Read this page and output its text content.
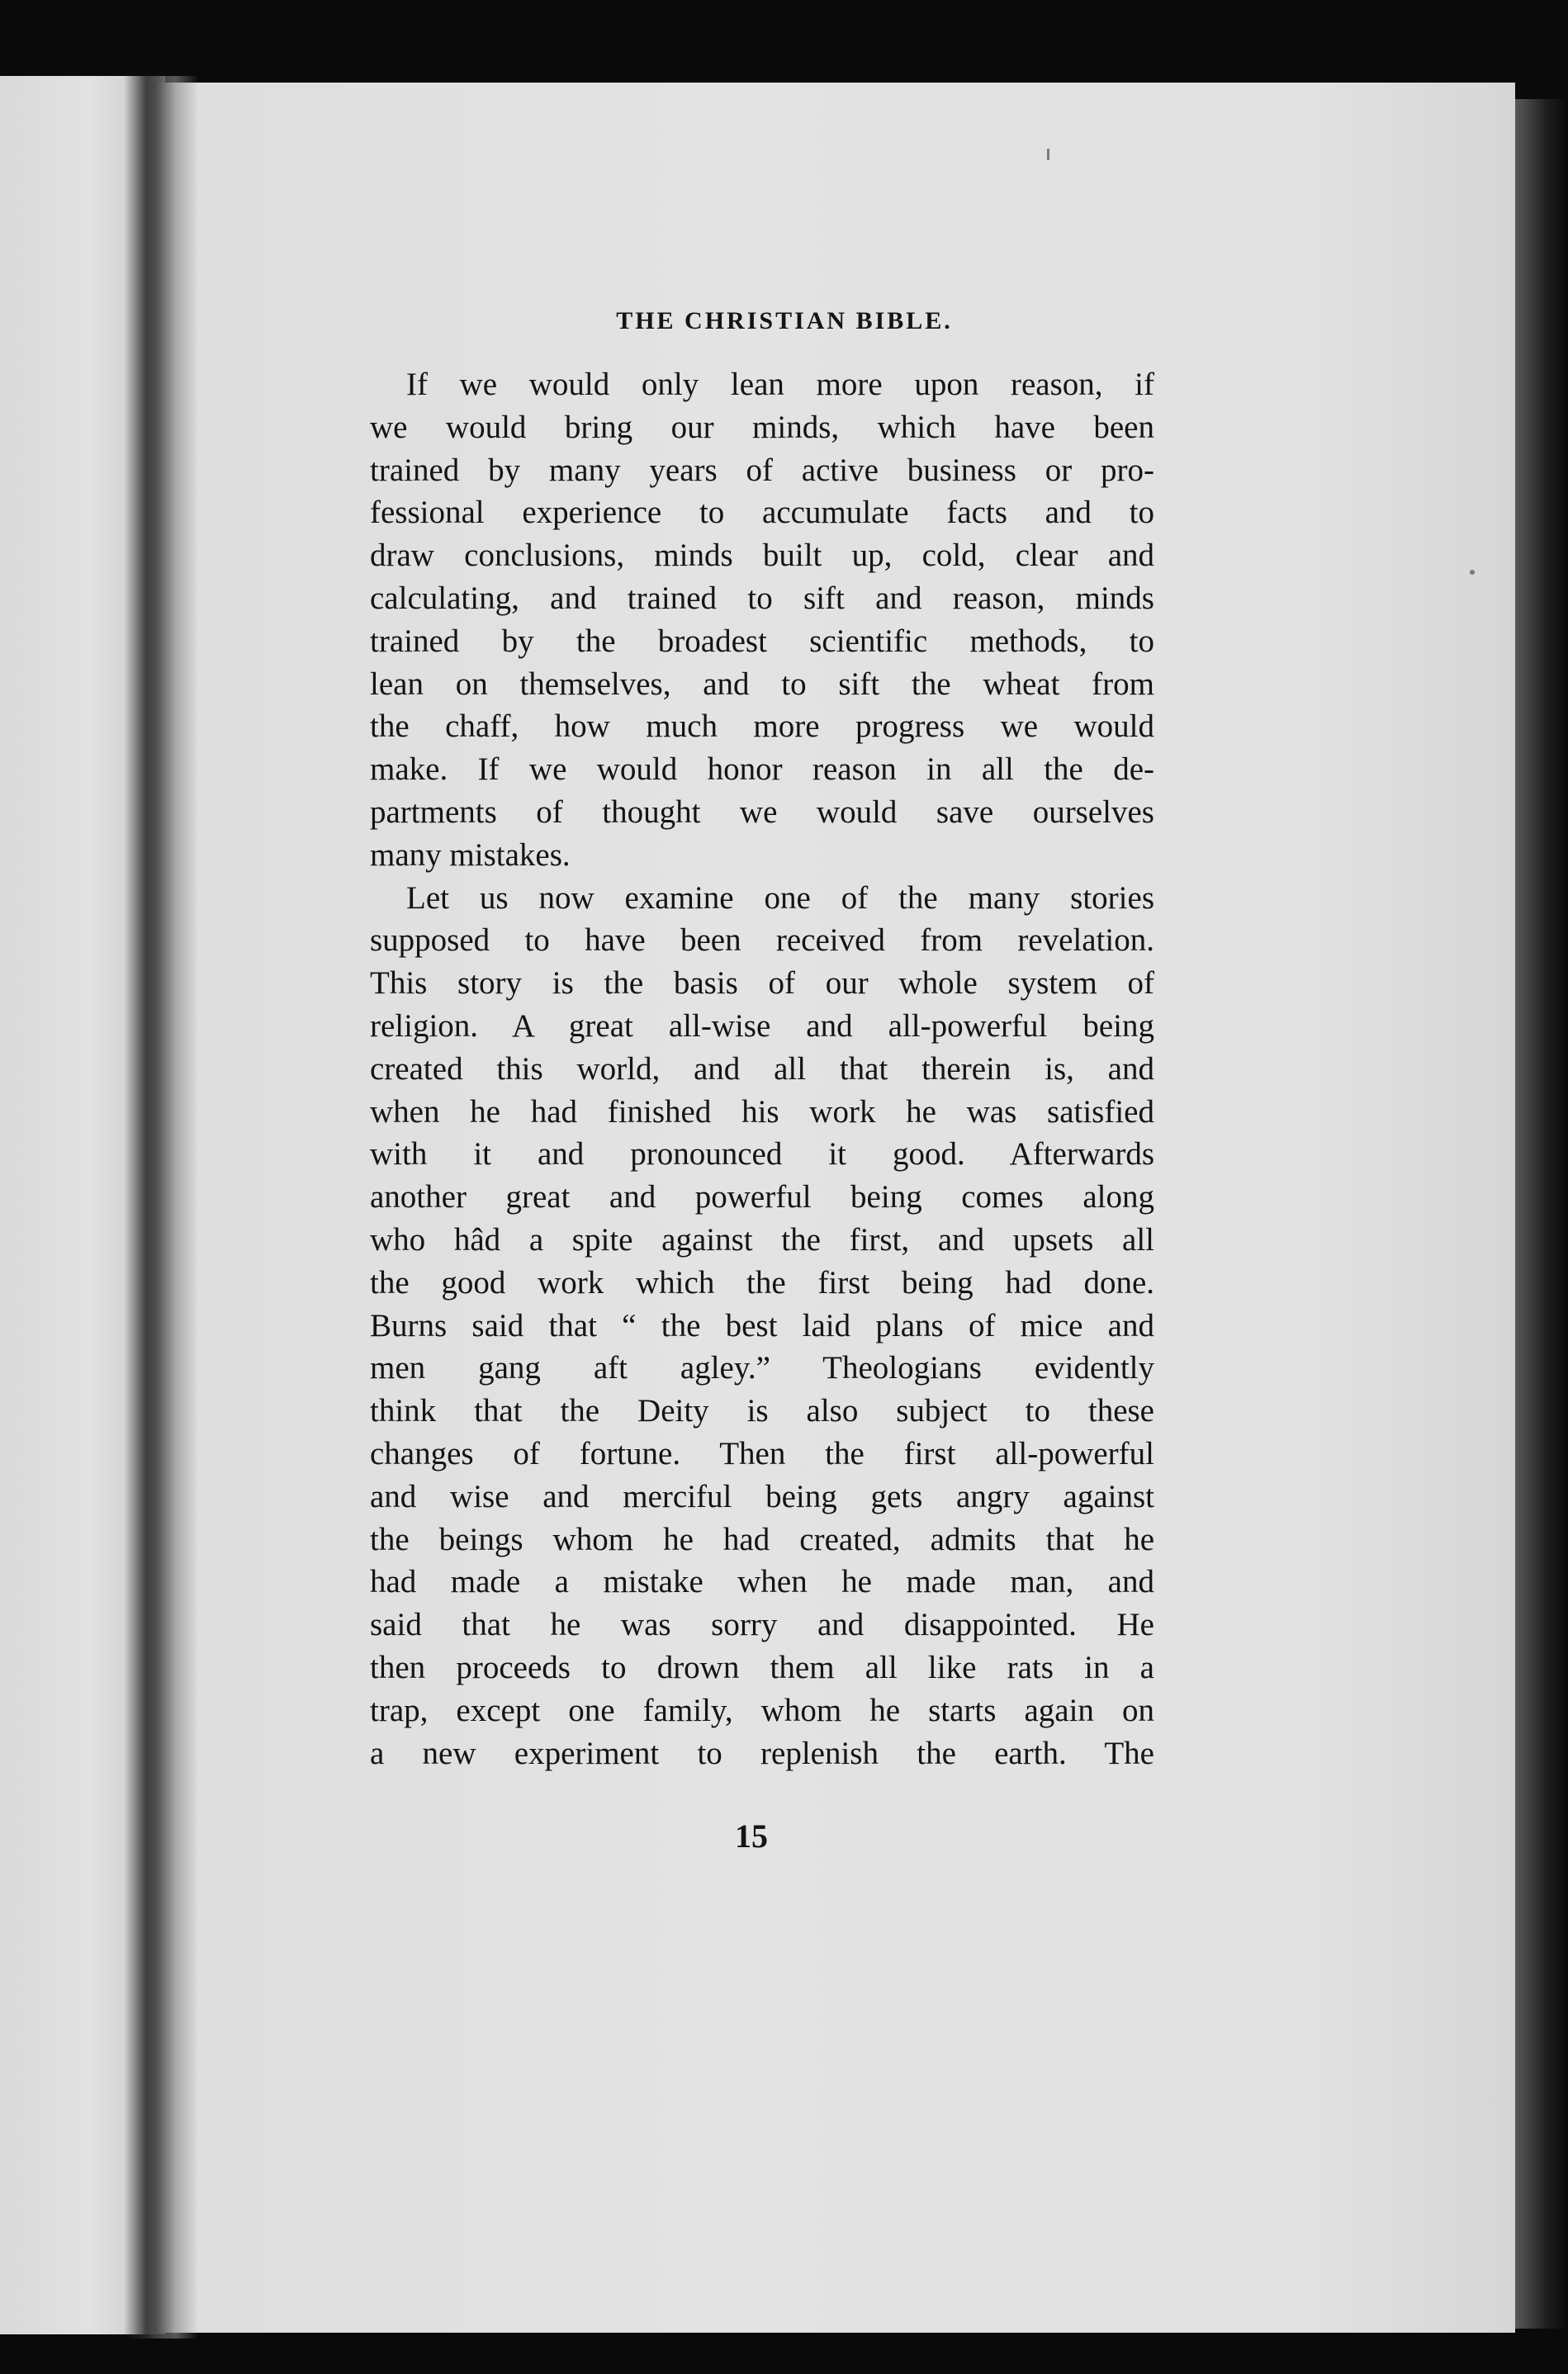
THE CHRISTIAN BIBLE.
If we would only lean more upon reason, if
we would bring our minds, which have been
trained by many years of active business or pro-
fessional experience to accumulate facts and to
draw conclusions, minds built up, cold, clear and
calculating, and trained to sift and reason, minds
trained by the broadest scientific methods, to
lean on themselves, and to sift the wheat from
the chaff, how much more progress we would
make. If we would honor reason in all the de-
partments of thought we would save ourselves
many mistakes.
Let us now examine one of the many stories
supposed to have been received from revelation.
This story is the basis of our whole system of
religion. A great all-wise and all-powerful being
created this world, and all that therein is, and
when he had finished his work he was satisfied
with it and pronounced it good. Afterwards
another great and powerful being comes along
who hâd a spite against the first, and upsets all
the good work which the first being had done.
Burns said that “ the best laid plans of mice and
men gang aft agley.” Theologians evidently
think that the Deity is also subject to these
changes of fortune. Then the first all-powerful
and wise and merciful being gets angry against
the beings whom he had created, admits that he
had made a mistake when he made man, and
said that he was sorry and disappointed. He
then proceeds to drown them all like rats in a
trap, except one family, whom he starts again on
a new experiment to replenish the earth. The
15
